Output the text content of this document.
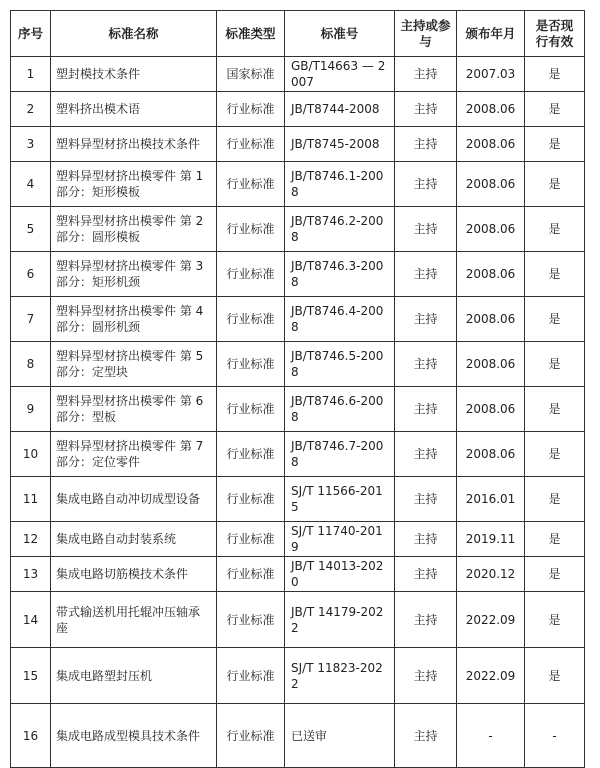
序号	标准名称	标准类型	标准号	主持或参与	颁布年月	是否现行有效
1	塑封模技术条件	国家标准	GB/T14663 — 2007	主持	2007.03	是
2	塑料挤出模术语	行业标准	JB/T8744-2008	主持	2008.06	是
3	塑料异型材挤出模技术条件	行业标准	JB/T8745-2008	主持	2008.06	是
4	塑料异型材挤出模零件 第 1 部分：矩形模板	行业标准	JB/T8746.1-2008	主持	2008.06	是
5	塑料异型材挤出模零件 第 2 部分：圆形模板	行业标准	JB/T8746.2-2008	主持	2008.06	是
6	塑料异型材挤出模零件 第 3 部分：矩形机颈	行业标准	JB/T8746.3-2008	主持	2008.06	是
7	塑料异型材挤出模零件 第 4 部分：圆形机颈	行业标准	JB/T8746.4-2008	主持	2008.06	是
8	塑料异型材挤出模零件 第 5 部分：定型块	行业标准	JB/T8746.5-2008	主持	2008.06	是
9	塑料异型材挤出模零件 第 6 部分：型板	行业标准	JB/T8746.6-2008	主持	2008.06	是
10	塑料异型材挤出模零件 第 7 部分：定位零件	行业标准	JB/T8746.7-2008	主持	2008.06	是
11	集成电路自动冲切成型设备	行业标准	SJ/T 11566-2015	主持	2016.01	是
12	集成电路自动封装系统	行业标准	SJ/T 11740-2019	主持	2019.11	是
13	集成电路切筋模技术条件	行业标准	JB/T 14013-2020	主持	2020.12	是
14	带式输送机用托辊冲压轴承座	行业标准	JB/T 14179-2022	主持	2022.09	是
15	集成电路塑封压机	行业标准	SJ/T 11823-2022	主持	2022.09	是
16	集成电路成型模具技术条件	行业标准	已送审	主持	-	-
